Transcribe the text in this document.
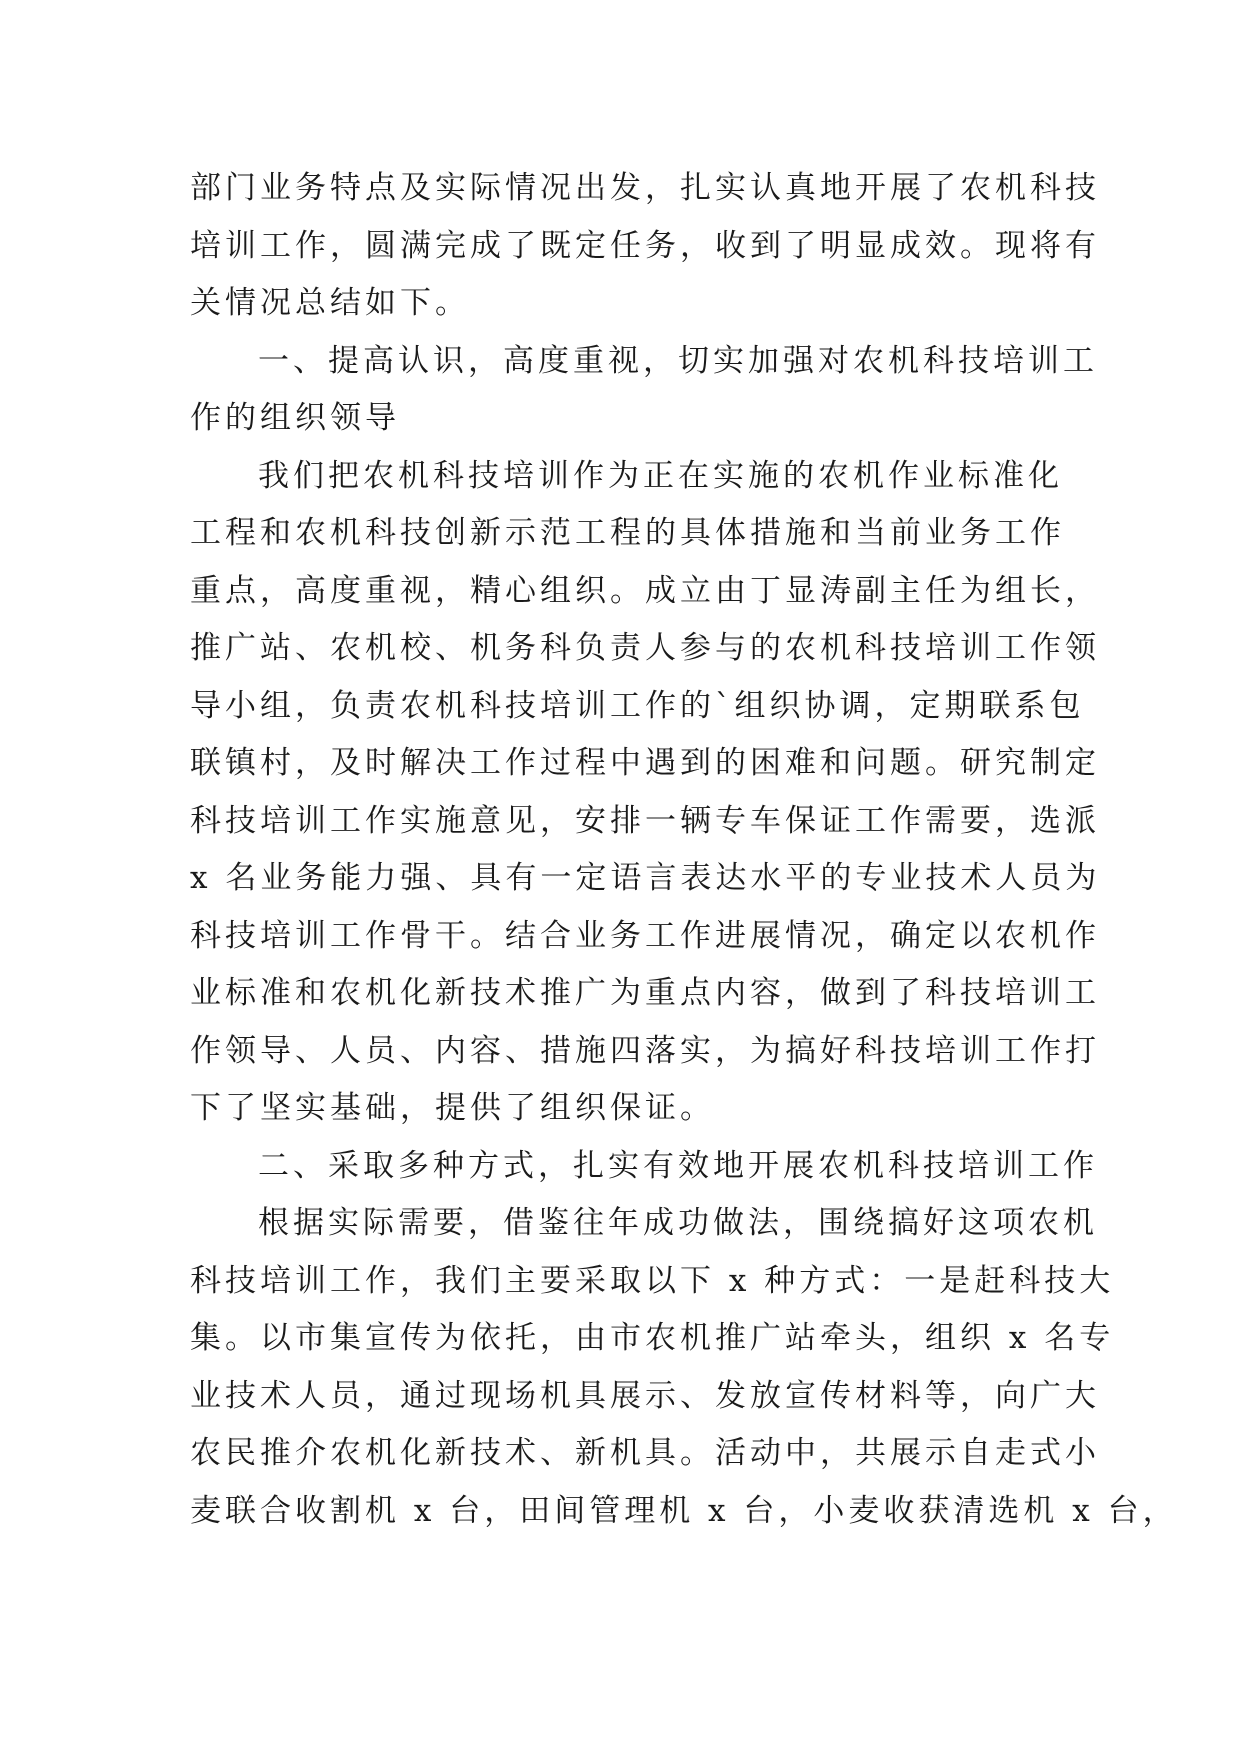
部门业务特点及实际情况出发，扎实认真地开展了农机科技
培训工作，圆满完成了既定任务，收到了明显成效。现将有
关情况总结如下。
一、提高认识，高度重视，切实加强对农机科技培训工
作的组织领导
我们把农机科技培训作为正在实施的农机作业标准化
工程和农机科技创新示范工程的具体措施和当前业务工作
重点，高度重视，精心组织。成立由丁显涛副主任为组长，
推广站、农机校、机务科负责人参与的农机科技培训工作领
导小组，负责农机科技培训工作的`组织协调，定期联系包
联镇村，及时解决工作过程中遇到的困难和问题。研究制定
科技培训工作实施意见，安排一辆专车保证工作需要，选派
x 名业务能力强、具有一定语言表达水平的专业技术人员为
科技培训工作骨干。结合业务工作进展情况，确定以农机作
业标准和农机化新技术推广为重点内容，做到了科技培训工
作领导、人员、内容、措施四落实，为搞好科技培训工作打
下了坚实基础，提供了组织保证。
二、采取多种方式，扎实有效地开展农机科技培训工作
根据实际需要，借鉴往年成功做法，围绕搞好这项农机
科技培训工作，我们主要采取以下 x 种方式：一是赶科技大
集。以市集宣传为依托，由市农机推广站牵头，组织 x 名专
业技术人员，通过现场机具展示、发放宣传材料等，向广大
农民推介农机化新技术、新机具。活动中，共展示自走式小
麦联合收割机 x 台，田间管理机 x 台，小麦收获清选机 x 台，
